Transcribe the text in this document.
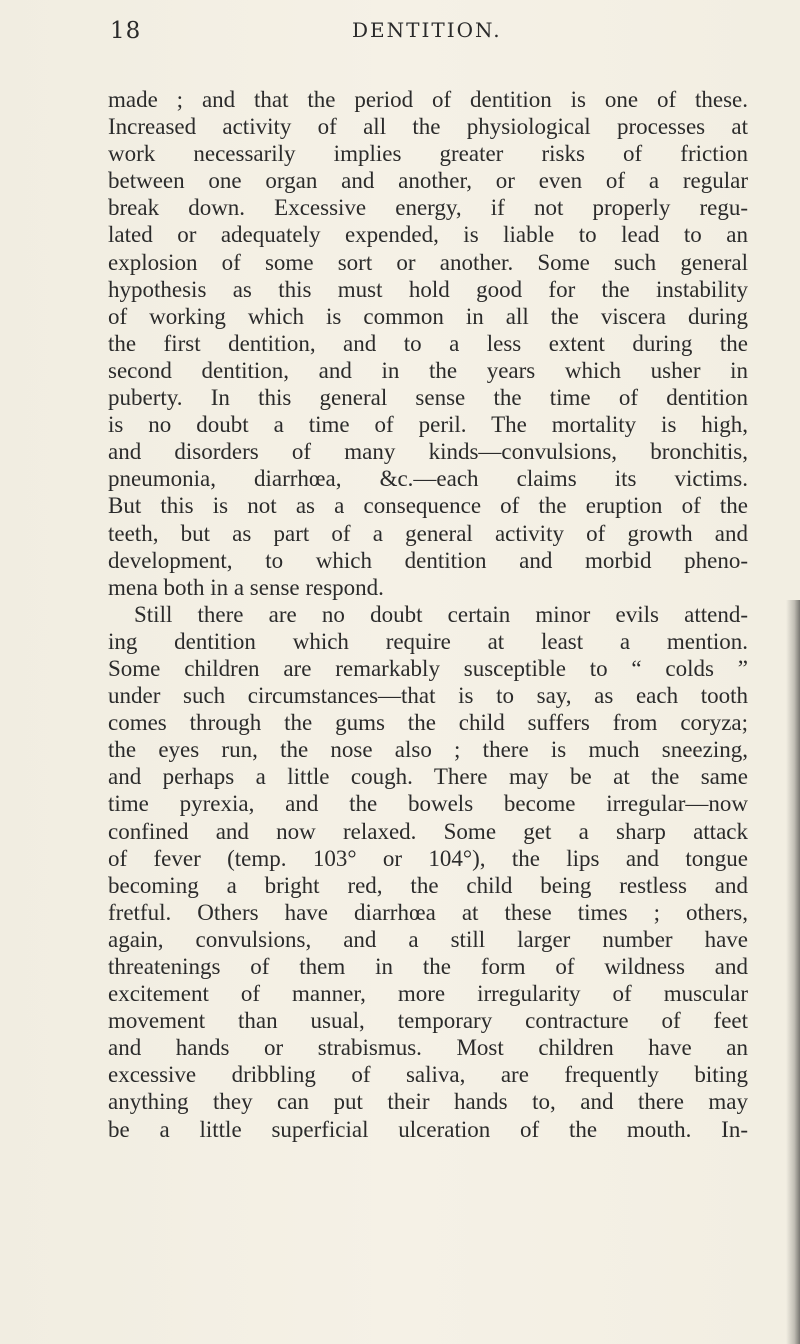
18	DENTITION.
made ; and that the period of dentition is one of these.
Increased activity of all the physiological processes at
work necessarily implies greater risks of friction
between one organ and another, or even of a regular
break down. Excessive energy, if not properly regu-
lated or adequately expended, is liable to lead to an
explosion of some sort or another. Some such general
hypothesis as this must hold good for the instability
of working which is common in all the viscera during
the first dentition, and to a less extent during the
second dentition, and in the years which usher in
puberty. In this general sense the time of dentition
is no doubt a time of peril. The mortality is high,
and disorders of many kinds—convulsions, bronchitis,
pneumonia, diarrhœa, &c.—each claims its victims.
But this is not as a consequence of the eruption of the
teeth, but as part of a general activity of growth and
development, to which dentition and morbid pheno-
mena both in a sense respond.
Still there are no doubt certain minor evils attend-
ing dentition which require at least a mention.
Some children are remarkably susceptible to “ colds ”
under such circumstances—that is to say, as each tooth
comes through the gums the child suffers from coryza;
the eyes run, the nose also ; there is much sneezing,
and perhaps a little cough. There may be at the same
time pyrexia, and the bowels become irregular—now
confined and now relaxed. Some get a sharp attack
of fever (temp. 103° or 104°), the lips and tongue
becoming a bright red, the child being restless and
fretful. Others have diarrhœa at these times ; others,
again, convulsions, and a still larger number have
threatenings of them in the form of wildness and
excitement of manner, more irregularity of muscular
movement than usual, temporary contracture of feet
and hands or strabismus. Most children have an
excessive dribbling of saliva, are frequently biting
anything they can put their hands to, and there may
be a little superficial ulceration of the mouth. In-
